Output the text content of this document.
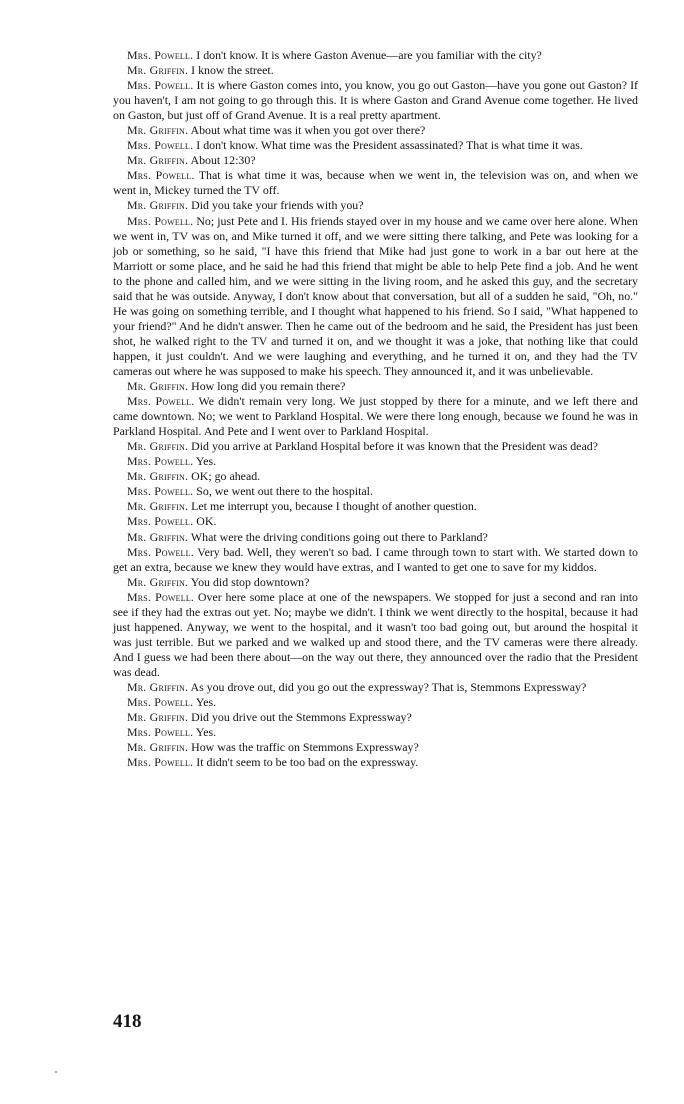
Mrs. Powell. I don't know. It is where Gaston Avenue—are you familiar with the city?

Mr. Griffin. I know the street.

Mrs. Powell. It is where Gaston comes into, you know, you go out Gaston—have you gone out Gaston? If you haven't, I am not going to go through this. It is where Gaston and Grand Avenue come together. He lived on Gaston, but just off of Grand Avenue. It is a real pretty apartment.

Mr. Griffin. About what time was it when you got over there?

Mrs. Powell. I don't know. What time was the President assassinated? That is what time it was.

Mr. Griffin. About 12:30?

Mrs. Powell. That is what time it was, because when we went in, the television was on, and when we went in, Mickey turned the TV off.

Mr. Griffin. Did you take your friends with you?

Mrs. Powell. No; just Pete and I. His friends stayed over in my house and we came over here alone. When we went in, TV was on, and Mike turned it off, and we were sitting there talking, and Pete was looking for a job or something, so he said, "I have this friend that Mike had just gone to work in a bar out here at the Marriott or some place, and he said he had this friend that might be able to help Pete find a job. And he went to the phone and called him, and we were sitting in the living room, and he asked this guy, and the secretary said that he was outside. Anyway, I don't know about that conversation, but all of a sudden he said, "Oh, no." He was going on something terrible, and I thought what happened to his friend. So I said, "What happened to your friend?" And he didn't answer. Then he came out of the bedroom and he said, the President has just been shot, he walked right to the TV and turned it on, and we thought it was a joke, that nothing like that could happen, it just couldn't. And we were laughing and everything, and he turned it on, and they had the TV cameras out where he was supposed to make his speech. They announced it, and it was unbelievable.

Mr. Griffin. How long did you remain there?

Mrs. Powell. We didn't remain very long. We just stopped by there for a minute, and we left there and came downtown. No; we went to Parkland Hospital. We were there long enough, because we found he was in Parkland Hospital. And Pete and I went over to Parkland Hospital.

Mr. Griffin. Did you arrive at Parkland Hospital before it was known that the President was dead?

Mrs. Powell. Yes.

Mr. Griffin. OK; go ahead.

Mrs. Powell. So, we went out there to the hospital.

Mr. Griffin. Let me interrupt you, because I thought of another question.

Mrs. Powell. OK.

Mr. Griffin. What were the driving conditions going out there to Parkland?

Mrs. Powell. Very bad. Well, they weren't so bad. I came through town to start with. We started down to get an extra, because we knew they would have extras, and I wanted to get one to save for my kiddos.

Mr. Griffin. You did stop downtown?

Mrs. Powell. Over here some place at one of the newspapers. We stopped for just a second and ran into see if they had the extras out yet. No; maybe we didn't. I think we went directly to the hospital, because it had just happened. Anyway, we went to the hospital, and it wasn't too bad going out, but around the hospital it was just terrible. But we parked and we walked up and stood there, and the TV cameras were there already. And I guess we had been there about—on the way out there, they announced over the radio that the President was dead.

Mr. Griffin. As you drove out, did you go out the expressway? That is, Stemmons Expressway?

Mrs. Powell. Yes.

Mr. Griffin. Did you drive out the Stemmons Expressway?

Mrs. Powell. Yes.

Mr. Griffin. How was the traffic on Stemmons Expressway?

Mrs. Powell. It didn't seem to be too bad on the expressway.

418
